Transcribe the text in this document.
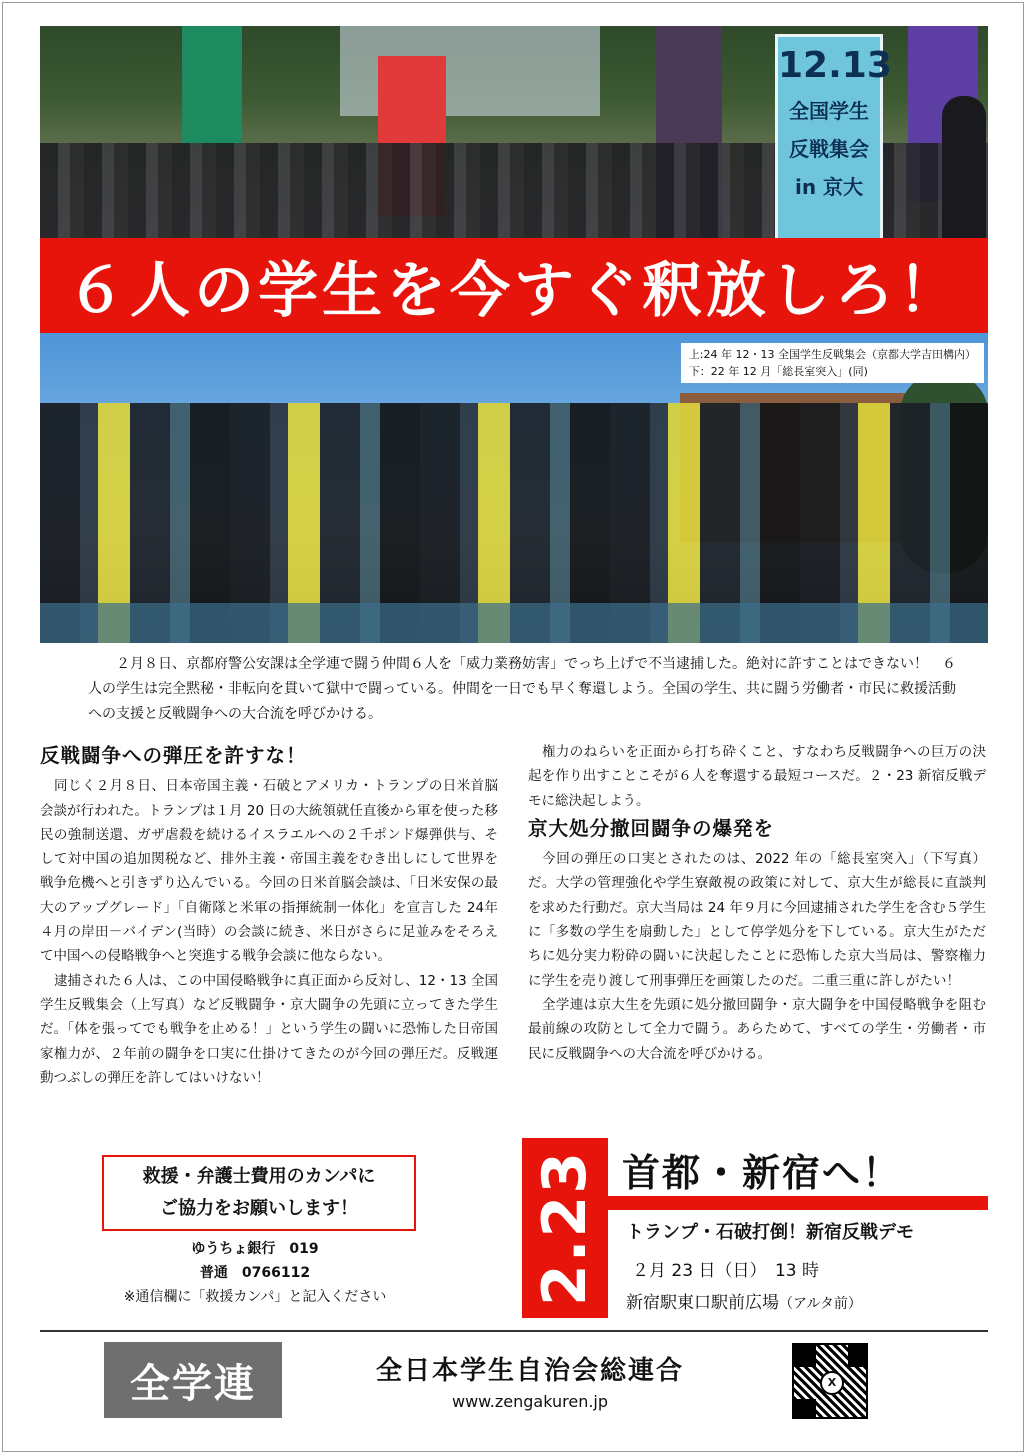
12.13
全国学生
反戦集会
in 京大
６人の学生を今すぐ釈放しろ！
上:24 年 12・13 全国学生反戦集会（京都大学吉田構内）
下：22 年 12 月「総長室突入」(同)

２月８日、京都府警公安課は全学連で闘う仲間６人を「威力業務妨害」でっち上げで不当逮捕した。絶対に許すことはできない！　６人の学生は完全黙秘・非転向を貫いて獄中で闘っている。仲間を一日でも早く奪還しよう。全国の学生、共に闘う労働者・市民に救援活動への支援と反戦闘争への大合流を呼びかける。

反戦闘争への弾圧を許すな！

同じく２月８日、日本帝国主義・石破とアメリカ・トランプの日米首脳会談が行われた。トランプは１月 20 日の大統領就任直後から軍を使った移民の強制送還、ガザ虐殺を続けるイスラエルへの２千ポンド爆弾供与、そして対中国の追加関税など、排外主義・帝国主義をむき出しにして世界を戦争危機へと引きずり込んでいる。今回の日米首脳会談は、「日米安保の最大のアップグレード」「自衛隊と米軍の指揮統制一体化」を宣言した 24年４月の岸田－バイデン(当時）の会談に続き、米日がさらに足並みをそろえて中国への侵略戦争へと突進する戦争会談に他ならない。

逮捕された６人は、この中国侵略戦争に真正面から反対し、12・13 全国学生反戦集会（上写真）など反戦闘争・京大闘争の先頭に立ってきた学生だ。「体を張ってでも戦争を止める！」という学生の闘いに恐怖した日帝国家権力が、２年前の闘争を口実に仕掛けてきたのが今回の弾圧だ。反戦運動つぶしの弾圧を許してはいけない！

権力のねらいを正面から打ち砕くこと、すなわち反戦闘争への巨万の決起を作り出すことこそが６人を奪還する最短コースだ。２・23 新宿反戦デモに総決起しよう。

京大処分撤回闘争の爆発を

今回の弾圧の口実とされたのは、2022 年の「総長室突入」（下写真）だ。大学の管理強化や学生寮敵視の政策に対して、京大生が総長に直談判を求めた行動だ。京大当局は 24 年９月に今回逮捕された学生を含む５学生に「多数の学生を扇動した」として停学処分を下している。京大生がただちに処分実力粉砕の闘いに決起したことに恐怖した京大当局は、警察権力に学生を売り渡して刑事弾圧を画策したのだ。二重三重に許しがたい！

全学連は京大生を先頭に処分撤回闘争・京大闘争を中国侵略戦争を阻む最前線の攻防として全力で闘う。あらためて、すべての学生・労働者・市民に反戦闘争への大合流を呼びかける。

救援・弁護士費用のカンパに
ご協力をお願いします！
ゆうちょ銀行　019
普通　0766112
※通信欄に「救援カンパ」と記入ください	2.23 首都・新宿へ！
トランプ・石破打倒！新宿反戦デモ
２月 23 日（日）　13 時
新宿駅東口駅前広場（アルタ前）
全学連	全日本学生自治会総連合
www.zengakuren.jp
X
